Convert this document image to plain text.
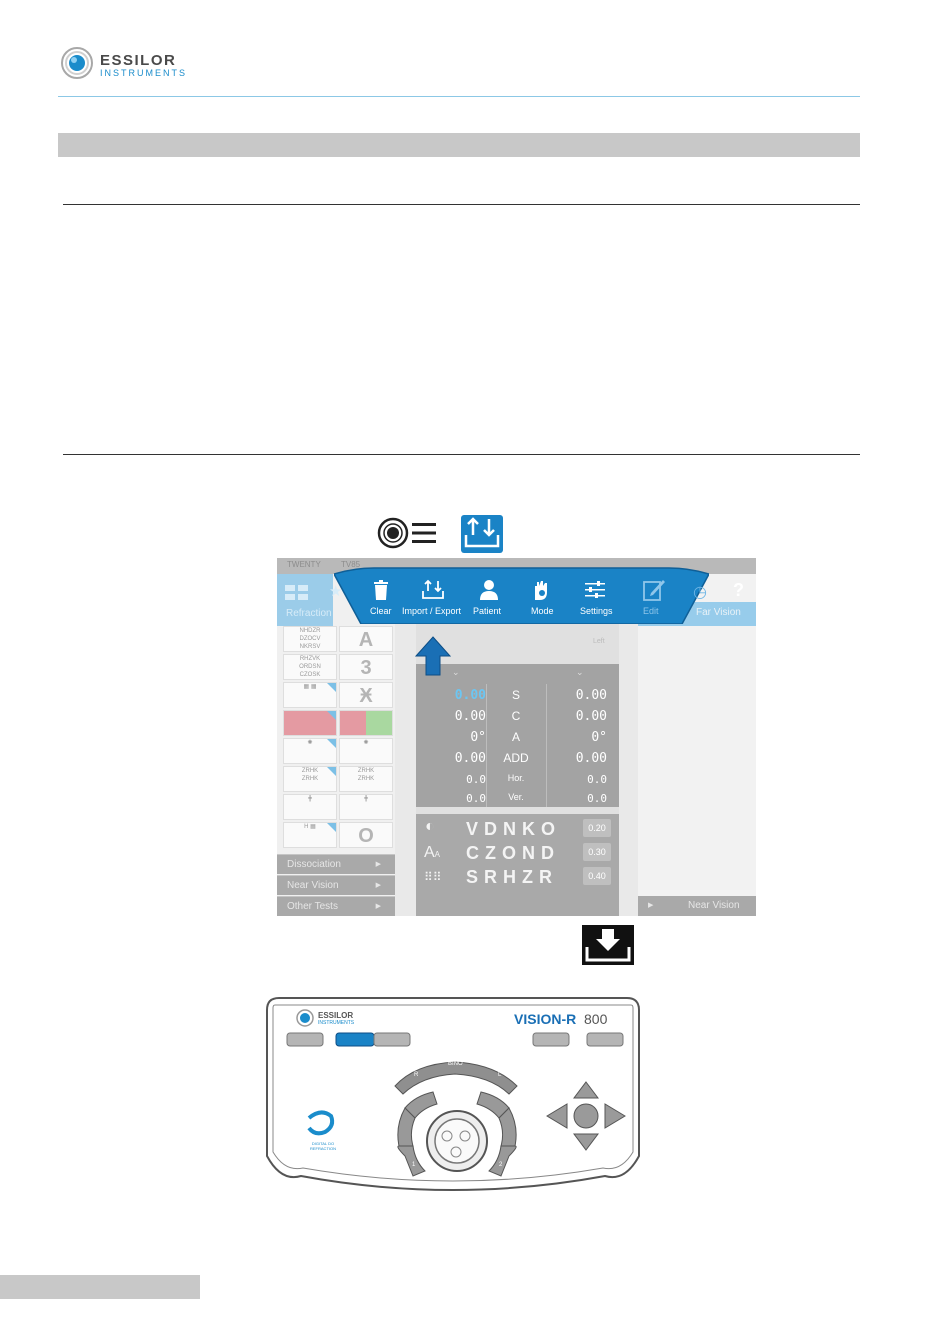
ESSILOR
INSTRUMENTS
TWENTY	TV85
Refraction
NHDZR
DZOCV
NKRSV
RHZVK
ORDSN
CZOSK
▦ ▦
✺
ZRHK
ZRHK
╋
H ▦
A
3
Ӿ
✺
ZRHK
ZRHK
╋
O
Dissociation	▶
Near Vision	▶
Other Tests	▶
Left
Far Vision
▶	Near Vision
⌄	⌄
0.00	S	0.00
0.00	C	0.00
0°	A	0°
0.00	ADD	0.00
0.0	Hor.	0.0
0.0	Ver.	0.0
◐
AA
⠿⠿
VDNKO
CZOND
SRHZR
0.20
0.30
0.40
◷ ?
★
Clear Import / Export Patient	Mode	Settings	Edit
ESSILOR
INSTRUMENTS	VISION-R 800
BINO
R	L
DIGITAL DO REFRACTION
1	2
